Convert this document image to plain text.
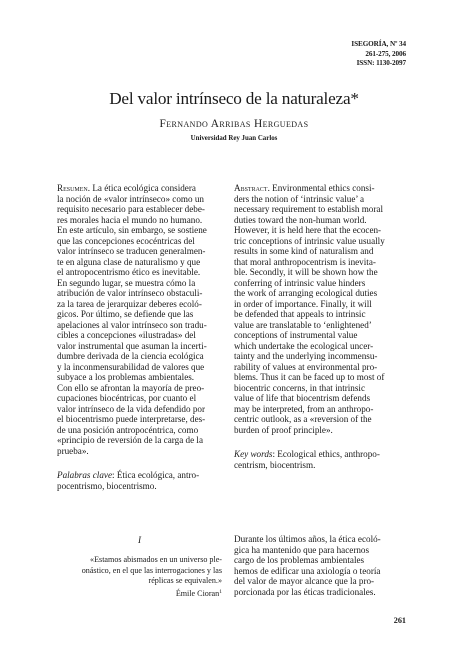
ISEGORÍA, Nº 34
261-275, 2006
ISSN: 1130-2097
Del valor intrínseco de la naturaleza*
Fernando Arribas Herguedas
Universidad Rey Juan Carlos

Resumen. La ética ecológica considera
la noción de «valor intrínseco» como un
requisito necesario para establecer debe-
res morales hacia el mundo no humano.
En este artículo, sin embargo, se sostiene
que las concepciones ecocéntricas del
valor intrínseco se traducen generalmen-
te en alguna clase de naturalismo y que
el antropocentrismo ético es inevitable.
En segundo lugar, se muestra cómo la
atribución de valor intrínseco obstaculi-
za la tarea de jerarquizar deberes ecoló-
gicos. Por último, se defiende que las
apelaciones al valor intrínseco son tradu-
cibles a concepciones «ilustradas» del
valor instrumental que asuman la incerti-
dumbre derivada de la ciencia ecológica
y la inconmensurabilidad de valores que
subyace a los problemas ambientales.
Con ello se afrontan la mayoría de preo-
cupaciones biocéntricas, por cuanto el
valor intrínseco de la vida defendido por
el biocentrismo puede interpretarse, des-
de una posición antropocéntrica, como
«principio de reversión de la carga de la
prueba».

Palabras clave: Ética ecológica, antro-
pocentrismo, biocentrismo.

Abstract. Environmental ethics consi-
ders the notion of ‘intrinsic value’ a
necessary requirement to establish moral
duties toward the non-human world.
However, it is held here that the ecocen-
tric conceptions of intrinsic value usually
results in some kind of naturalism and
that moral anthropocentrism is inevita-
ble. Secondly, it will be shown how the
conferring of intrinsic value hinders
the work of arranging ecological duties
in order of importance. Finally, it will
be defended that appeals to intrinsic
value are translatable to ‘enlightened’
conceptions of instrumental value
which undertake the ecological uncer-
tainty and the underlying incommensu-
rability of values at environmental pro-
blems. Thus it can be faced up to most of
biocentric concerns, in that intrinsic
value of life that biocentrism defends
may be interpreted, from an anthropo-
centric outlook, as a «reversion of the
burden of proof principle».

Key words: Ecological ethics, anthropo-
centrism, biocentrism.

I
«Estamos abismados en un universo ple-
onástico, en el que las interrogaciones y las
réplicas se equivalen.»
Émile Cioran$^1$
Durante los últimos años, la ética ecoló-
gica ha mantenido que para hacernos
cargo de los problemas ambientales
hemos de edificar una axiología o teoría
del valor de mayor alcance que la pro-
porcionada por las éticas tradicionales.
261
